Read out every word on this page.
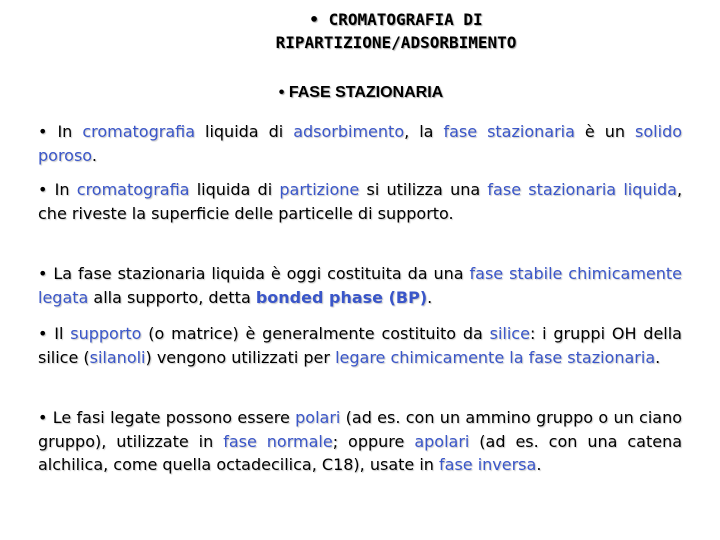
• CROMATOGRAFIA DI RIPARTIZIONE/ADSORBIMENTO
• FASE STAZIONARIA
• In cromatografia liquida di adsorbimento, la fase stazionaria è un solido poroso.
• In cromatografia liquida di partizione si utilizza una fase stazionaria liquida, che riveste la superficie delle particelle di supporto.
• La fase stazionaria liquida è oggi costituita da una fase stabile chimicamente legata alla supporto, detta bonded phase (BP).
• Il supporto (o matrice) è generalmente costituito da silice: i gruppi OH della silice (silanoli) vengono utilizzati per legare chimicamente la fase stazionaria.
• Le fasi legate possono essere polari (ad es. con un ammino gruppo o un ciano gruppo), utilizzate in fase normale; oppure apolari (ad es. con una catena alchilica, come quella octadecilica, C18), usate in fase inversa.
